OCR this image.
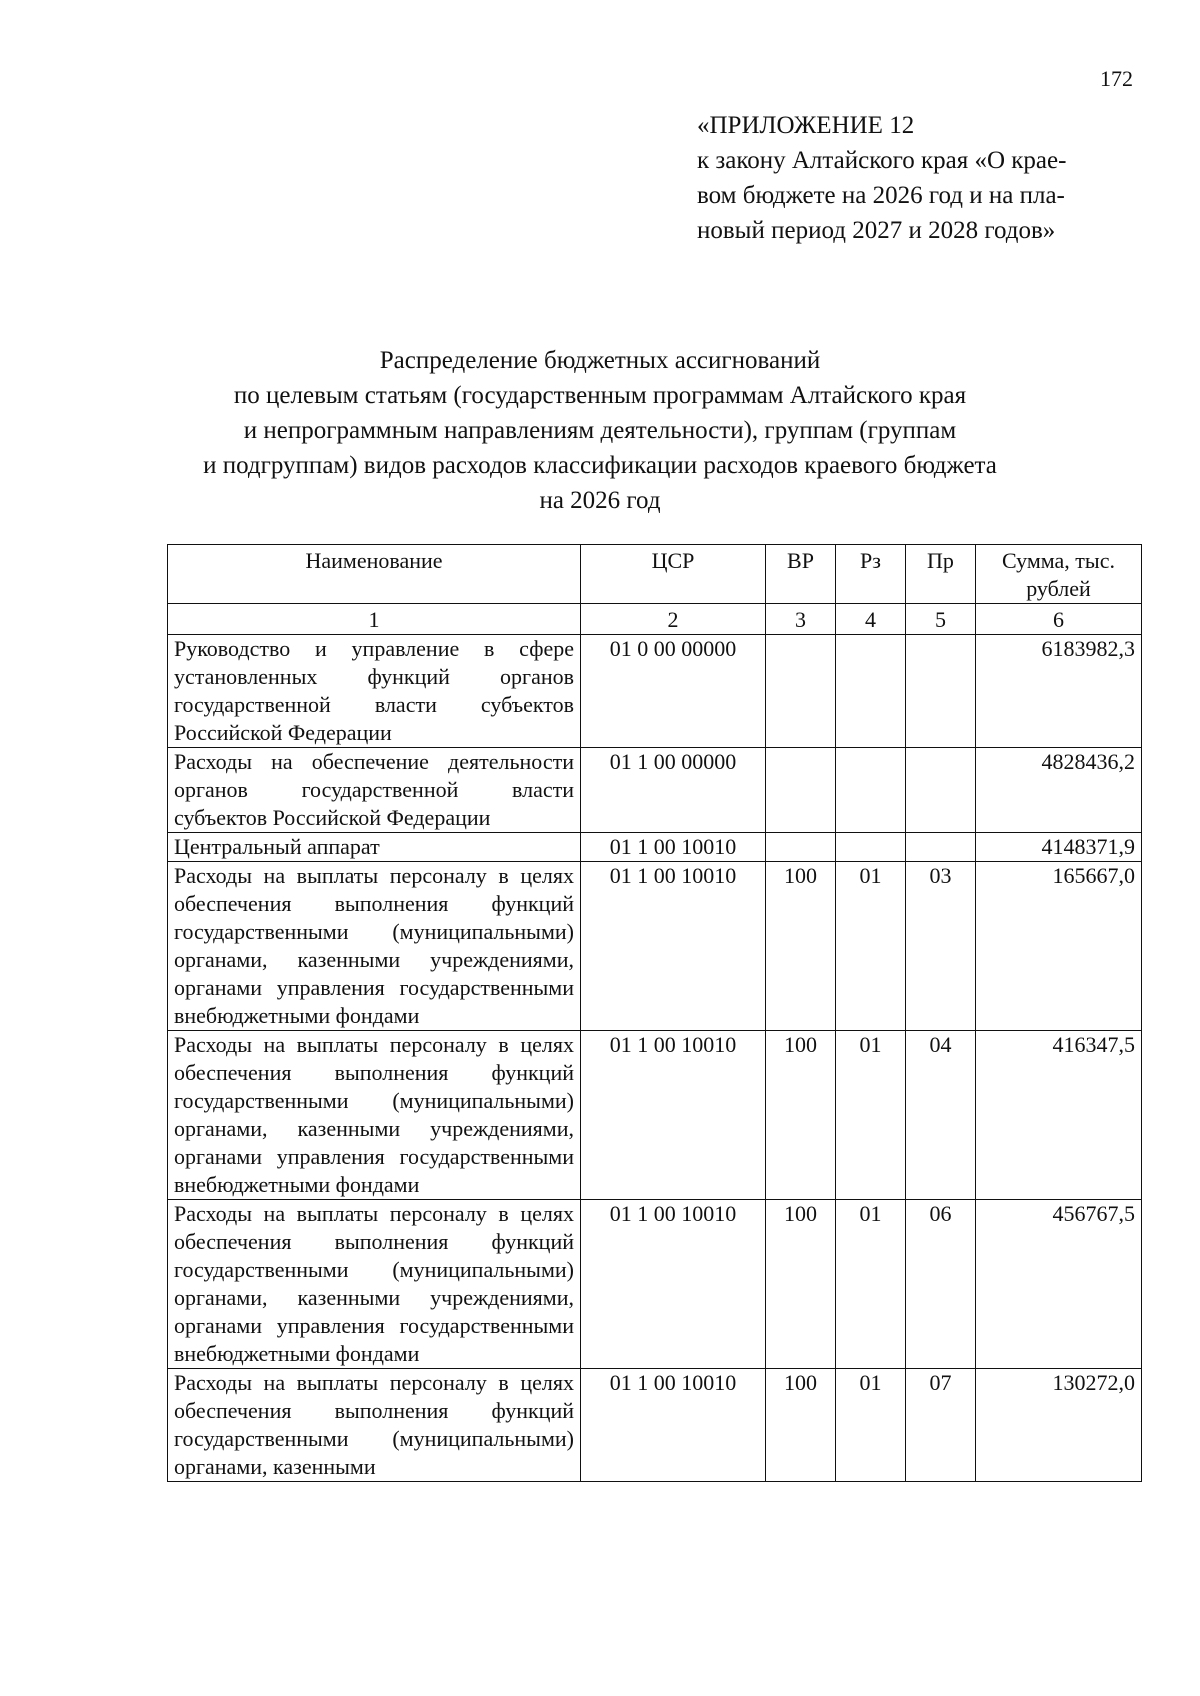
172
«ПРИЛОЖЕНИЕ 12
к закону Алтайского края «О крае-
вом бюджете на 2026 год и на пла-
новый период 2027 и 2028 годов»
Распределение бюджетных ассигнований
по целевым статьям (государственным программам Алтайского края
и непрограммным направлениям деятельности), группам (группам
и подгруппам) видов расходов классификации расходов краевого бюджета
на 2026 год
Наименование	ЦСР	ВР	Рз	Пр	Сумма, тыс. рублей
1	2	3	4	5	6
Руководство и управление в сфере установленных функций органов государственной власти субъектов Российской Федерации	01 0 00 00000				6183982,3
Расходы на обеспечение деятельности органов государственной власти субъектов Российской Федерации	01 1 00 00000				4828436,2
Центральный аппарат	01 1 00 10010				4148371,9
Расходы на выплаты персоналу в целях обеспечения выполнения функций государственными (муниципальными) органами, казенными учреждениями, органами управления государственными внебюджетными фондами	01 1 00 10010	100	01	03	165667,0
Расходы на выплаты персоналу в целях обеспечения выполнения функций государственными (муниципальными) органами, казенными учреждениями, органами управления государственными внебюджетными фондами	01 1 00 10010	100	01	04	416347,5
Расходы на выплаты персоналу в целях обеспечения выполнения функций государственными (муниципальными) органами, казенными учреждениями, органами управления государственными внебюджетными фондами	01 1 00 10010	100	01	06	456767,5
Расходы на выплаты персоналу в целях обеспечения выполнения функций государственными (муниципальными) органами, казенными	01 1 00 10010	100	01	07	130272,0
